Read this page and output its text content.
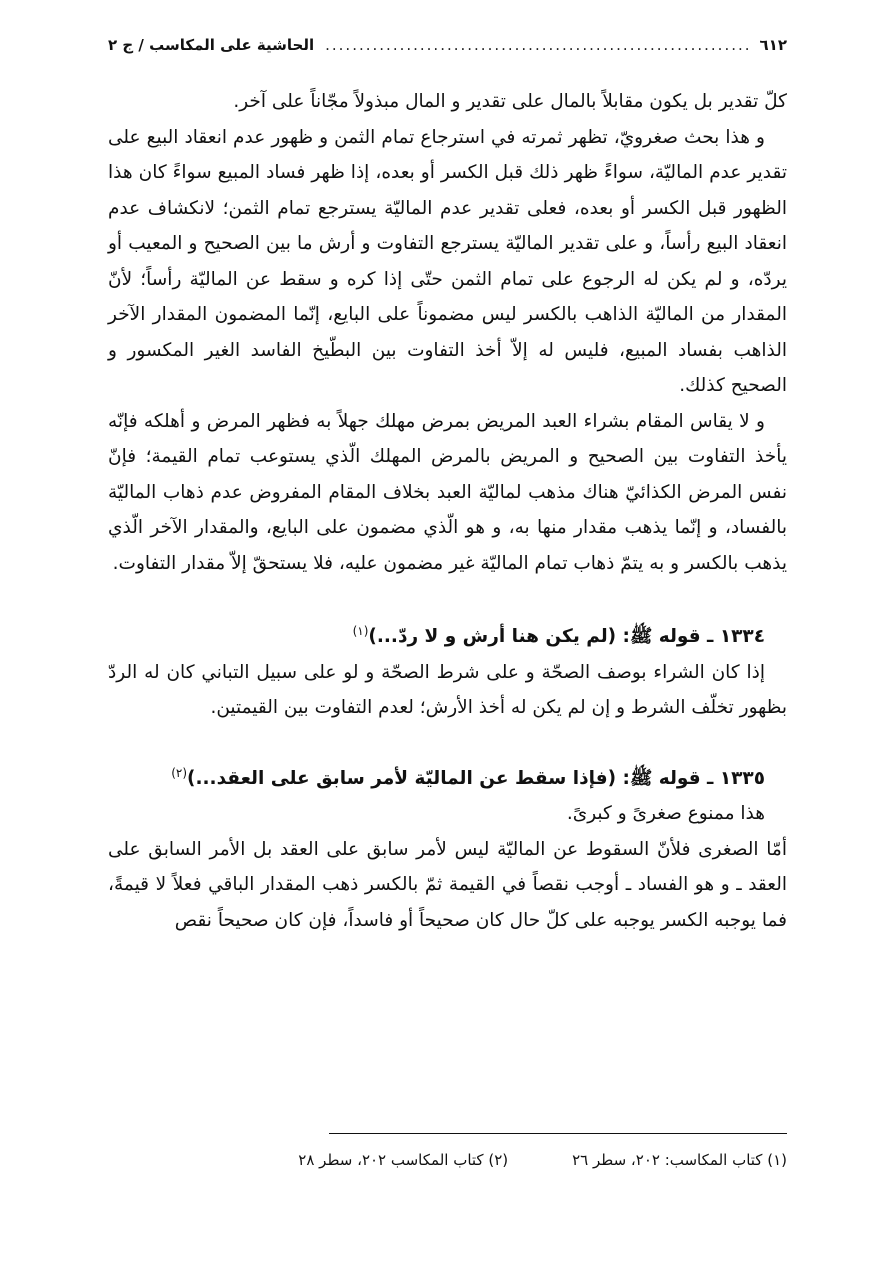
٦١٢
.....
الحاشية على المكاسب / ج ٢

كلّ تقدير بل يكون مقابلاً بالمال على تقدير و المال مبذولاً مجّاناً على آخر.

و هذا بحث صغرويّ، تظهر ثمرته في استرجاع تمام الثمن و ظهور عدم انعقاد البيع على تقدير عدم الماليّة، سواءً ظهر ذلك قبل الكسر أو بعده، إذا ظهر فساد المبيع سواءً كان هذا الظهور قبل الكسر أو بعده، فعلى تقدير عدم الماليّة يسترجع تمام الثمن؛ لانكشاف عدم انعقاد البيع رأساً، و على تقدير الماليّة يسترجع التفاوت و أرش ما بين الصحيح و المعيب أو يردّه، و لم يكن له الرجوع على تمام الثمن حتّى إذا كره و سقط عن الماليّة رأساً؛ لأنّ المقدار من الماليّة الذاهب بالكسر ليس مضموناً على البايع، إنّما المضمون المقدار الآخر الذاهب بفساد المبيع، فليس له إلاّ أخذ التفاوت بين البطّيخ الفاسد الغير المكسور و الصحيح كذلك.

و لا يقاس المقام بشراء العبد المريض بمرض مهلك جهلاً به فظهر المرض و أهلكه فإنّه يأخذ التفاوت بين الصحيح و المريض بالمرض المهلك الّذي يستوعب تمام القيمة؛ فإنّ نفس المرض الكذائيّ هناك مذهب لماليّة العبد بخلاف المقام المفروض عدم ذهاب الماليّة بالفساد، و إنّما يذهب مقدار منها به، و هو الّذي مضمون على البايع، والمقدار الآخر الّذي يذهب بالكسر و به يتمّ ذهاب تمام الماليّة غير مضمون عليه، فلا يستحقّ إلاّ مقدار التفاوت.

١٣٣٤ ـ قوله ﷺ: (لم يكن هنا أرش و لا ردّ...)$^{(١)}$

إذا كان الشراء بوصف الصحّة و على شرط الصحّة و لو على سبيل التباني كان له الردّ بظهور تخلّف الشرط و إن لم يكن له أخذ الأرش؛ لعدم التفاوت بين القيمتين.

١٣٣٥ ـ قوله ﷺ: (فإذا سقط عن الماليّة لأمر سابق على العقد...)$^{(٢)}$

هذا ممنوع صغرىً و كبرىً.

أمّا الصغرى فلأنّ السقوط عن الماليّة ليس لأمر سابق على العقد بل الأمر السابق على العقد ـ و هو الفساد ـ أوجب نقصاً في القيمة ثمّ بالكسر ذهب المقدار الباقي فعلاً لا قيمةً، فما يوجبه الكسر يوجبه على كلّ حال كان صحيحاً أو فاسداً، فإن كان صحيحاً نقص

(١) كتاب المكاسب: ٢٠٢، سطر ٢٦
(٢) كتاب المكاسب ٢٠٢، سطر ٢٨
